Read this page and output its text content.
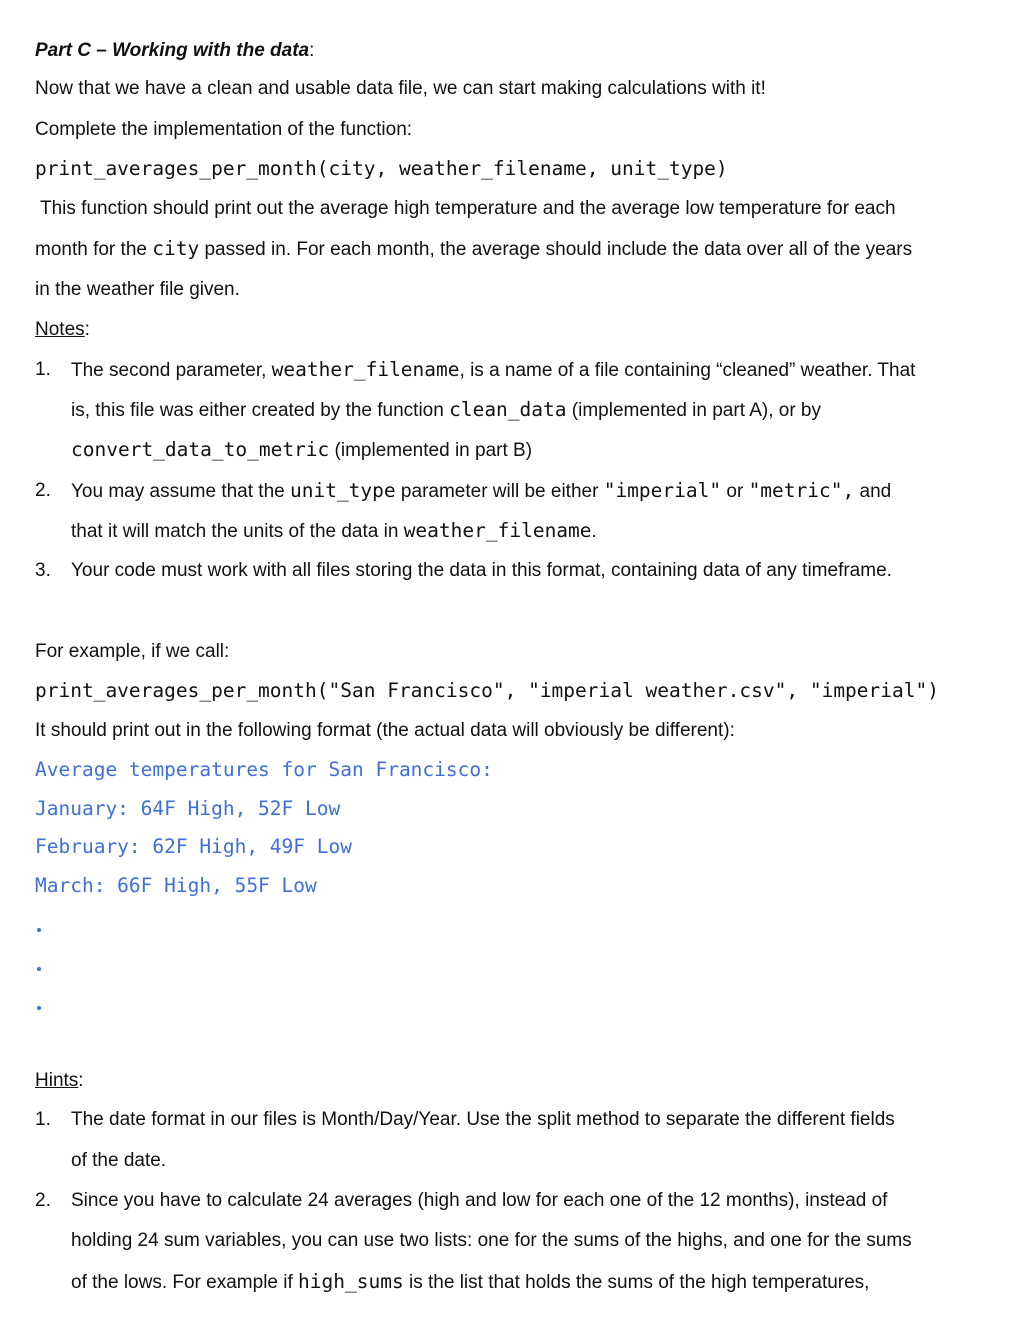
Part C – Working with the data:
Now that we have a clean and usable data file, we can start making calculations with it!
Complete the implementation of the function:
print_averages_per_month(city, weather_filename, unit_type)
This function should print out the average high temperature and the average low temperature for each
month for the city passed in. For each month, the average should include the data over all of the years
in the weather file given.
Notes:
1. The second parameter, weather_filename, is a name of a file containing “cleaned” weather. That
is, this file was either created by the function clean_data (implemented in part A), or by
convert_data_to_metric (implemented in part B)
2. You may assume that the unit_type parameter will be either "imperial" or "metric", and
that it will match the units of the data in weather_filename.
3. Your code must work with all files storing the data in this format, containing data of any timeframe.
For example, if we call:
print_averages_per_month("San Francisco", "imperial weather.csv", "imperial")
It should print out in the following format (the actual data will obviously be different):
Average temperatures for San Francisco:
January: 64F High, 52F Low
February: 62F High, 49F Low
March: 66F High, 55F Low
Hints:
1. The date format in our files is Month/Day/Year. Use the split method to separate the different fields
of the date.
2. Since you have to calculate 24 averages (high and low for each one of the 12 months), instead of
holding 24 sum variables, you can use two lists: one for the sums of the highs, and one for the sums
of the lows. For example if high_sums is the list that holds the sums of the high temperatures,
